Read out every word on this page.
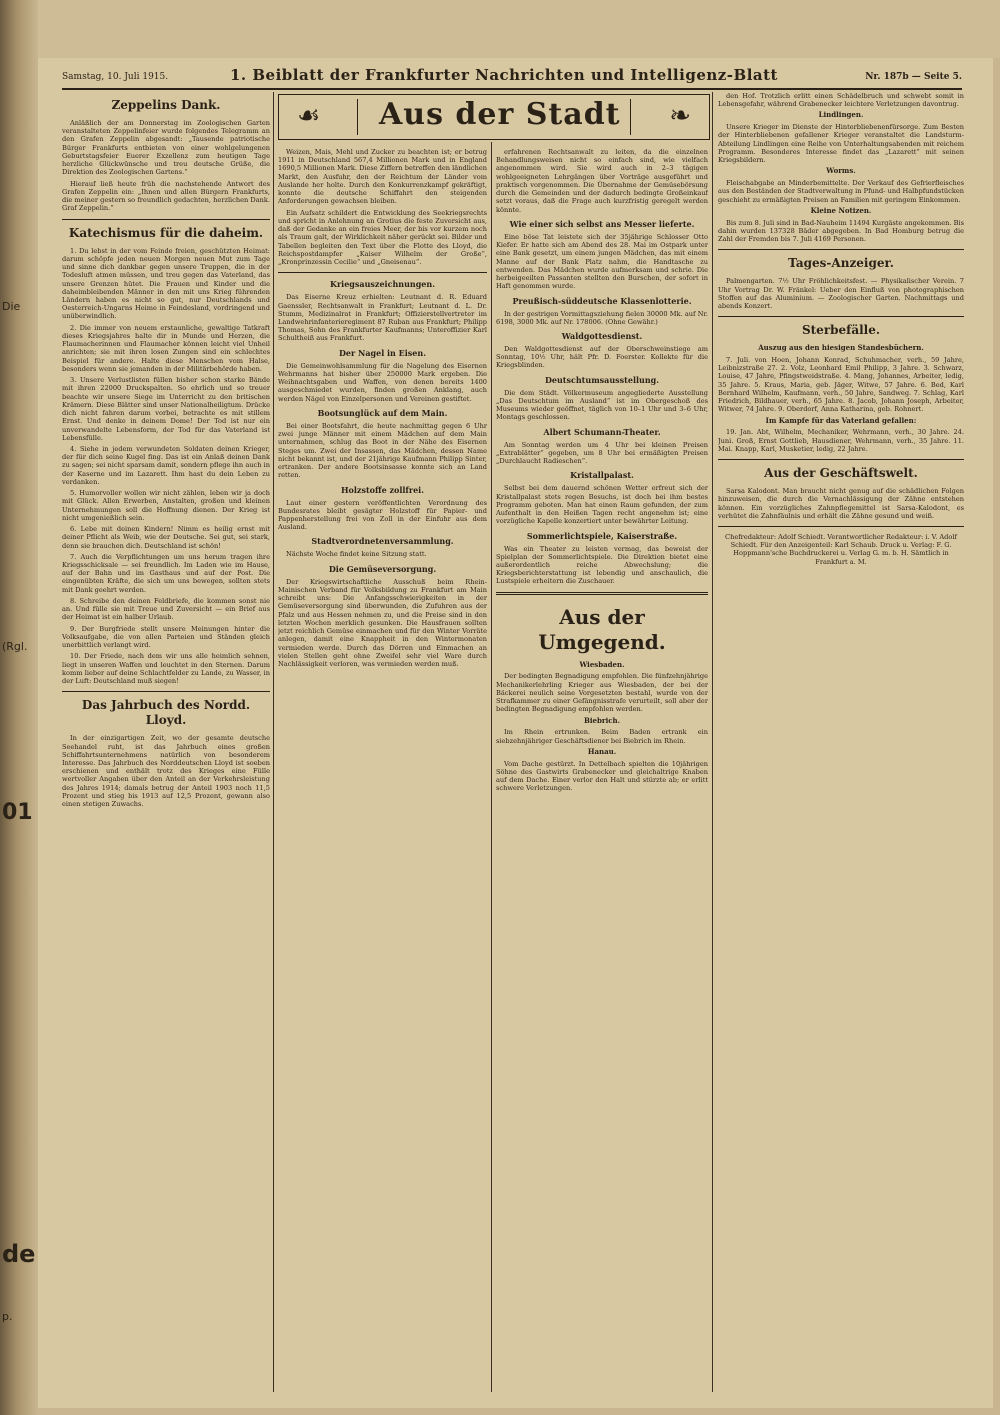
Die
(Rgl.
01
de
p.
Samstag, 10. Juli 1915.	1. Beiblatt der Frankfurter Nachrichten und Intelligenz-Blatt	Nr. 187b — Seite 5.
Zeppelins Dank.

Anläßlich der am Donnerstag im Zoologischen Garten veranstalteten Zeppelinfeier wurde folgendes Telegramm an den Grafen Zeppelin abgesandt: „Tausende patriotische Bürger Frankfurts entbieten von einer wohlgelungenen Geburtstagsfeier Euerer Exzellenz zum heutigen Tage herzliche Glückwünsche und treu deutsche Grüße, die Direktion des Zoologischen Gartens.“

Hierauf ließ heute früh die nachstehende Antwort des Grafen Zeppelin ein: „Ihnen und allen Bürgern Frankfurts, die meiner gestern so freundlich gedachten, herzlichen Dank. Graf Zeppelin.“

Katechismus für die daheim.

1. Du lebst in der vom Feinde freien, geschützten Heimat: darum schöpfe jeden neuen Morgen neuen Mut zum Tage und sinne dich dankbar gegen unsere Truppen, die in der Todesluft atmen müssen, und treu gegen das Vaterland, das unsere Grenzen hütet. Die Frauen und Kinder und die daheimbleibenden Männer in den mit uns Krieg führenden Ländern haben es nicht so gut, nur Deutschlands und Oesterreich-Ungarns Heime in Feindesland, vordringend und unüberwindlich.

2. Die immer von neuem erstaunliche, gewaltige Tatkraft dieses Kriegsjahres halte dir in Munde und Herzen, die Flaumacherinnen und Flaumacher können leicht viel Unheil anrichten; sie mit ihren losen Zungen sind ein schlechtes Beispiel für andere. Halte diese Menschen vom Halse, besonders wenn sie jemanden in der Militärbehörde haben.

3. Unsere Verlustlisten füllen bisher schon starke Bände mit ihren 22000 Druckspalten. So ehrlich und so treuer beachte wir unsere Siege im Unterricht zu den britischen Krämern. Diese Blätter sind unser Nationalheiligtum. Drücke dich nicht fahren darum vorbei, betrachte es mit stillem Ernst. Und denke in deinem Dome! Der Tod ist nur ein unverwandelte Lebensform, der Tod für das Vaterland ist Lebensfülle.

4. Siehe in jedem verwundeten Soldaten deinen Krieger, der für dich seine Kugel fing. Das ist ein Anlaß deinen Dank zu sagen; sei nicht sparsam damit, sondern pflege ihn auch in der Kaserne und im Lazarett. Ihm hast du dein Leben zu verdanken.

5. Humorvoller wollen wir nicht zählen, leben wir ja doch mit Glück. Allen Erwerben, Anstalten, großen und kleinen Unternehmungen soll die Hoffnung dienen. Der Krieg ist nicht umgenießlich sein.

6. Lebe mit deinen Kindern! Nimm es heilig ernst mit deiner Pflicht als Weib, wie der Deutsche. Sei gut, sei stark, denn sie brauchen dich. Deutschland ist schön!

7. Auch die Verpflichtungen um uns herum tragen ihre Kriegsschicksale — sei freundlich. Im Laden wie im Hause, auf der Bahn und im Gasthaus und auf der Post. Die eingenübten Kräfte, die sich um uns bewegen, sollten stets mit Dank geehrt werden.

8. Schreibe den deinen Feldbriefe, die kommen sonst nie an. Und fülle sie mit Treue und Zuversicht — ein Brief aus der Heimat ist ein halber Urlaub.

9. Der Burgfriede stellt unsere Meinungen hinter die Volksaufgabe, die von allen Parteien und Ständen gleich unerbittlich verlangt wird.

10. Der Friede, nach dem wir uns alle heimlich sehnen, liegt in unseren Waffen und leuchtet in den Sternen. Darum komm lieber auf deine Schlachtfelder zu Lande, zu Wasser, in der Luft: Deutschland muß siegen!

Das Jahrbuch des Nordd. Lloyd.

In der einzigartigen Zeit, wo der gesamte deutsche Seehandel ruht, ist das Jahrbuch eines großen Schiffahrtsunternehmens natürlich von besonderem Interesse. Das Jahrbuch des Norddeutschen Lloyd ist soeben erschienen und enthält trotz des Krieges eine Fülle wertvoller Angaben über den Anteil an der Verkehrsleistung des Jahres 1914; damals betrug der Anteil 1903 noch 11,5 Prozent und stieg bis 1913 auf 12,5 Prozent, gewann also einen stetigen Zuwachs.

☙ Aus der Stadt ❧

Weizen, Mais, Mehl und Zucker zu beachten ist; er betrug 1911 in Deutschland 567,4 Millionen Mark und in England 1690,5 Millionen Mark. Diese Ziffern betreffen den ländlichen Markt, den Ausfuhr, den der Reichtum der Länder vom Auslande her holte. Durch den Konkurrenzkampf gekräftigt, konnte die deutsche Schiffahrt den steigenden Anforderungen gewachsen bleiben.

Ein Aufsatz schildert die Entwicklung des Seekriegsrechts und spricht in Anlehnung an Grotius die feste Zuversicht aus, daß der Gedanke an ein freies Meer, der bis vor kurzem noch als Traum galt, der Wirklichkeit näher gerückt sei. Bilder und Tabellen begleiten den Text über die Flotte des Lloyd, die Reichspostdampfer „Kaiser Wilhelm der Große“, „Kronprinzessin Cecilie“ und „Gneisenau“.

Kriegsauszeichnungen.

Das Eiserne Kreuz erhielten: Leutnant d. R. Eduard Gaenssler, Rechtsanwalt in Frankfurt; Leutnant d. L. Dr. Stumm, Medizinalrat in Frankfurt; Offizierstellvertreter im Landwehrinfanterieregiment 87 Ruban aus Frankfurt; Philipp Thomas, Sohn des Frankfurter Kaufmanns; Unteroffizier Karl Schultheiß aus Frankfurt.

Der Nagel in Eisen.

Die Gemeinwohlsammlung für die Nagelung des Eisernen Wehrmanns hat bisher über 250000 Mark ergeben. Die Weihnachtsgaben und Waffen, von denen bereits 1400 ausgeschmiedet wurden, finden großen Anklang, auch werden Nägel von Einzelpersonen und Vereinen gestiftet.

Bootsunglück auf dem Main.

Bei einer Bootsfahrt, die heute nachmittag gegen 6 Uhr zwei junge Männer mit einem Mädchen auf dem Main unternahmen, schlug das Boot in der Nähe des Eisernen Steges um. Zwei der Insassen, das Mädchen, dessen Name nicht bekannt ist, und der 21jährige Kaufmann Philipp Sinter, ertranken. Der andere Bootsinsasse konnte sich an Land retten.

Holzstoffe zollfrei.

Laut einer gestern veröffentlichten Verordnung des Bundesrates bleibt gesägter Holzstoff für Papier- und Pappenherstellung frei von Zoll in der Einfuhr aus dem Ausland.

Stadtverordnetenversammlung.

Nächste Woche findet keine Sitzung statt.

Die Gemüseversorgung.

Der Kriegswirtschaftliche Ausschuß beim Rhein-Mainischen Verband für Volksbildung zu Frankfurt am Main schreibt uns: Die Anfangsschwierigkeiten in der Gemüseversorgung sind überwunden, die Zufuhren aus der Pfalz und aus Hessen nehmen zu, und die Preise sind in den letzten Wochen merklich gesunken. Die Hausfrauen sollten jetzt reichlich Gemüse einmachen und für den Winter Vorräte anlegen, damit eine Knappheit in den Wintermonaten vermieden werde. Durch das Dörren und Einmachen an vielen Stellen geht ohne Zweifel sehr viel Ware durch Nachlässigkeit verloren, was vermieden werden muß.

erfahrenen Rechtsanwalt zu leiten, da die einzelnen Behandlungsweisen nicht so einfach sind, wie vielfach angenommen wird. Sie wird auch in 2–3 tägigen wohlgeeigneten Lehrgängen über Vorträge ausgeführt und praktisch vorgenommen. Die Übernahme der Gemüsebörsung durch die Gemeinden und der dadurch bedingte Großeinkauf setzt voraus, daß die Frage auch kurzfristig geregelt werden könnte.

Wie einer sich selbst ans Messer lieferte.

Eine böse Tat leistete sich der 35jährige Schlosser Otto Kiefer. Er hatte sich am Abend des 28. Mai im Ostpark unter eine Bank gesetzt, um einem jungen Mädchen, das mit einem Manne auf der Bank Platz nahm, die Handtasche zu entwenden. Das Mädchen wurde aufmerksam und schrie. Die herbeigeeilten Passanten stellten den Burschen, der sofort in Haft genommen wurde.

Preußisch-süddeutsche Klassenlotterie.

In der gestrigen Vormittagsziehung fielen 30000 Mk. auf Nr. 6198, 3000 Mk. auf Nr. 178006. (Ohne Gewähr.)

Waldgottesdienst.

Den Waldgottesdienst auf der Oberschweinstiege am Sonntag, 10½ Uhr, hält Pfr. D. Foerster. Kollekte für die Kriegsblinden.

Deutschtumsausstellung.

Die dem Städt. Völkermuseum angegliederte Ausstellung „Das Deutschtum im Ausland“ ist im Obergeschoß des Museums wieder geöffnet, täglich von 10–1 Uhr und 3–6 Uhr, Montags geschlossen.

Albert Schumann-Theater.

Am Sonntag werden um 4 Uhr bei kleinen Preisen „Extrablätter“ gegeben, um 8 Uhr bei ermäßigten Preisen „Durchlaucht Radieschen“.

Kristallpalast.

Selbst bei dem dauernd schönen Wetter erfreut sich der Kristallpalast stets regen Besuchs, ist doch bei ihm bestes Programm geboten. Man hat einen Raum gefunden, der zum Aufenthalt in den Heißen Tagen recht angenehm ist; eine vorzügliche Kapelle konzertiert unter bewährter Leitung.

Sommerlichtspiele, Kaiserstraße.

Was ein Theater zu leisten vermag, das beweist der Spielplan der Sommerlichtspiele. Die Direktion bietet eine außerordentlich reiche Abwechslung; die Kriegsberichterstattung ist lebendig und anschaulich, die Lustspiele erheitern die Zuschauer.

Aus der Umgegend.
Wiesbaden.

Der bedingten Begnadigung empfohlen. Die fünfzehnjährige Mechanikerlehrling Krieger aus Wiesbaden, der bei der Bäckerei neulich seine Vorgesetzten bestahl, wurde von der Strafkammer zu einer Gefängnisstrafe verurteilt, soll aber der bedingten Begnadigung empfohlen werden.

Biebrich.

Im Rhein ertrunken. Beim Baden ertrank ein siebzehnjähriger Geschäftsdiener bei Biebrich im Rhein.

Hanau.

Vom Dache gestürzt. In Dettelbach spielten die 10jährigen Söhne des Gastwirts Grabenecker und gleichaltrige Knaben auf dem Dache. Einer verlor den Halt und stürzte ab; er erlitt schwere Verletzungen.

den Hof. Trotzlich erlitt einen Schädelbruch und schwebt somit in Lebensgefahr, während Grabenecker leichtere Verletzungen davontrug.

Lindlingen.

Unsere Krieger im Dienste der Hinterbliebenenfürsorge. Zum Besten der Hinterbliebenen gefallener Krieger veranstaltet die Landsturm-Abteilung Lindlingen eine Reihe von Unterhaltungsabenden mit reichem Programm. Besonderes Interesse findet das „Lazarett“ mit seinen Kriegsbildern.

Worms.

Fleischabgabe an Minderbemittelte. Der Verkauf des Gefrierfleisches aus den Beständen der Stadtverwaltung in Pfund- und Halbpfundstücken geschieht zu ermäßigten Preisen an Familien mit geringem Einkommen.

Kleine Notizen.

Bis zum 8. Juli sind in Bad-Nauheim 11494 Kurgäste angekommen. Bis dahin wurden 137328 Bäder abgegeben. In Bad Homburg betrug die Zahl der Fremden bis 7. Juli 4169 Personen.

Tages-Anzeiger.

Palmengarten. 7½ Uhr Fröhlichkeitsfest. — Physikalischer Verein. 7 Uhr Vortrag Dr. W. Fränkel: Ueber den Einfluß von photographischen Stoffen auf das Aluminium. — Zoologischer Garten. Nachmittags und abends Konzert.

Sterbefälle.
Auszug aus den hiesigen Standesbüchern.

7. Juli. von Hoen, Johann Konrad, Schuhmacher, verh., 59 Jahre, Leibnizstraße 27. 2. Volz, Leonhard Emil Philipp, 3 Jahre. 3. Schwarz, Louise, 47 Jahre, Pfingstweidstraße. 4. Mang, Johannes, Arbeiter, ledig, 35 Jahre. 5. Kraus, Maria, geb. Jäger, Witwe, 57 Jahre. 6. Bed, Karl Bernhard Wilhelm, Kaufmann, verh., 50 Jahre, Sandweg. 7. Schlag, Karl Friedrich, Bildhauer, verh., 65 Jahre. 8. Jacob, Johann Joseph, Arbeiter, Witwer, 74 Jahre. 9. Oberdorf, Anna Katharina, geb. Rohnert.

Im Kampfe für das Vaterland gefallen:

19. Jan. Abt, Wilhelm, Mechaniker, Wehrmann, verh., 30 Jahre. 24. Juni. Groß, Ernst Gottlieb, Hausdiener, Wehrmann, verh., 35 Jahre. 11. Mai. Knapp, Karl, Musketier, ledig, 22 Jahre.

Aus der Geschäftswelt.

Sarsa Kalodont. Man braucht nicht genug auf die schädlichen Folgen hinzuweisen, die durch die Vernachlässigung der Zähne entstehen können. Ein vorzügliches Zahnpflegemittel ist Sarsa-Kalodont, es verhütet die Zahnfäulnis und erhält die Zähne gesund und weiß.

Chefredakteur: Adolf Schiedt. Verantwortlicher Redakteur: i. V. Adolf Schiedt. Für den Anzeigenteil: Karl Schaub. Druck u. Verlag: F. G. Hoppmann'sche Buchdruckerei u. Verlag G. m. b. H. Sämtlich in Frankfurt a. M.
